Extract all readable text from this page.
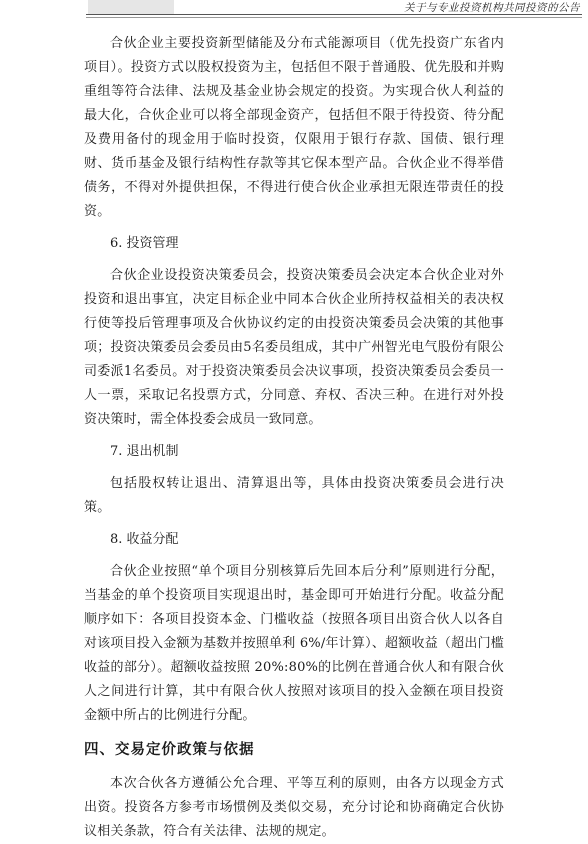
关于与专业投资机构共同投资的公告

合伙企业主要投资新型储能及分布式能源项目（优先投资广东省内项目）。投资方式以股权投资为主，包括但不限于普通股、优先股和并购重组等符合法律、法规及基金业协会规定的投资。为实现合伙人利益的最大化，合伙企业可以将全部现金资产，包括但不限于待投资、待分配及费用备付的现金用于临时投资，仅限用于银行存款、国债、银行理财、货币基金及银行结构性存款等其它保本型产品。合伙企业不得举借债务，不得对外提供担保，不得进行使合伙企业承担无限连带责任的投资。

6. 投资管理

合伙企业设投资决策委员会，投资决策委员会决定本合伙企业对外投资和退出事宜，决定目标企业中同本合伙企业所持权益相关的表决权行使等投后管理事项及合伙协议约定的由投资决策委员会决策的其他事项；投资决策委员会委员由5名委员组成，其中广州智光电气股份有限公司委派1名委员。对于投资决策委员会决议事项，投资决策委员会委员一人一票，采取记名投票方式，分同意、弃权、否决三种。在进行对外投资决策时，需全体投委会成员一致同意。

7. 退出机制

包括股权转让退出、清算退出等，具体由投资决策委员会进行决策。

8. 收益分配

合伙企业按照“单个项目分别核算后先回本后分利”原则进行分配，当基金的单个投资项目实现退出时，基金即可开始进行分配。收益分配顺序如下：各项目投资本金、门槛收益（按照各项目出资合伙人以各自对该项目投入金额为基数并按照单利 6%/年计算）、超额收益（超出门槛收益的部分）。超额收益按照 20%:80%的比例在普通合伙人和有限合伙人之间进行计算，其中有限合伙人按照对该项目的投入金额在项目投资金额中所占的比例进行分配。

四、交易定价政策与依据

本次合伙各方遵循公允合理、平等互利的原则，由各方以现金方式出资。投资各方参考市场惯例及类似交易，充分讨论和协商确定合伙协议相关条款，符合有关法律、法规的规定。
